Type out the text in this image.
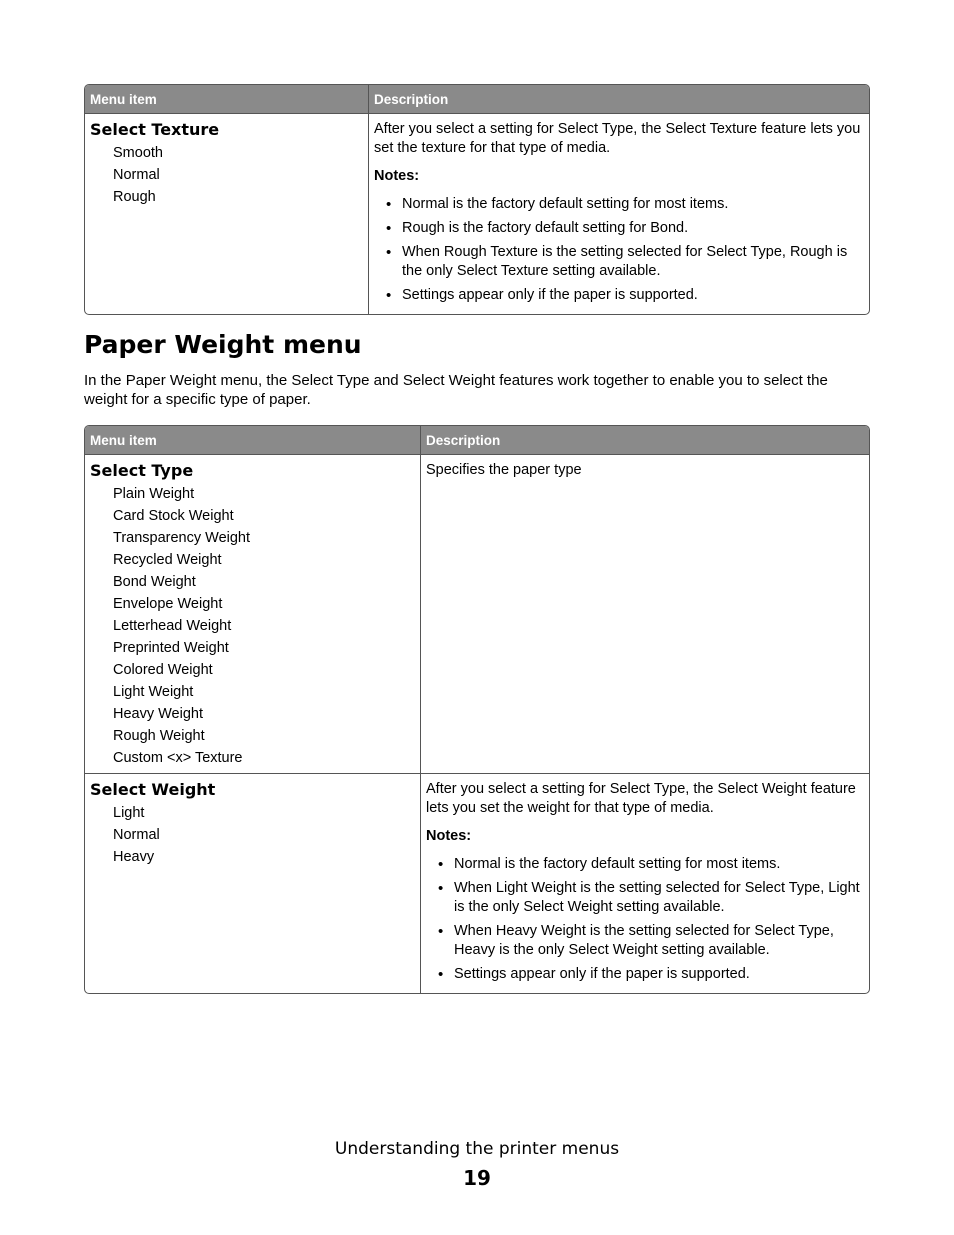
Menu item	Description
Select Texture
Smooth
Normal
Rough
After you select a setting for Select Type, the Select Texture feature lets you set the texture for that type of media.
Notes:
• Normal is the factory default setting for most items.
• Rough is the factory default setting for Bond.
• When Rough Texture is the setting selected for Select Type, Rough is the only Select Texture setting available.
• Settings appear only if the paper is supported.
Paper Weight menu

In the Paper Weight menu, the Select Type and Select Weight features work together to enable you to select the weight for a specific type of paper.

Menu item	Description
Select Type
Plain Weight
Card Stock Weight
Transparency Weight
Recycled Weight
Bond Weight
Envelope Weight
Letterhead Weight
Preprinted Weight
Colored Weight
Light Weight
Heavy Weight
Rough Weight
Custom <x> Texture
Specifies the paper type
Select Weight
Light
Normal
Heavy
After you select a setting for Select Type, the Select Weight feature lets you set the weight for that type of media.
Notes:
• Normal is the factory default setting for most items.
• When Light Weight is the setting selected for Select Type, Light is the only Select Weight setting available.
• When Heavy Weight is the setting selected for Select Type, Heavy is the only Select Weight setting available.
• Settings appear only if the paper is supported.
Understanding the printer menus
19
